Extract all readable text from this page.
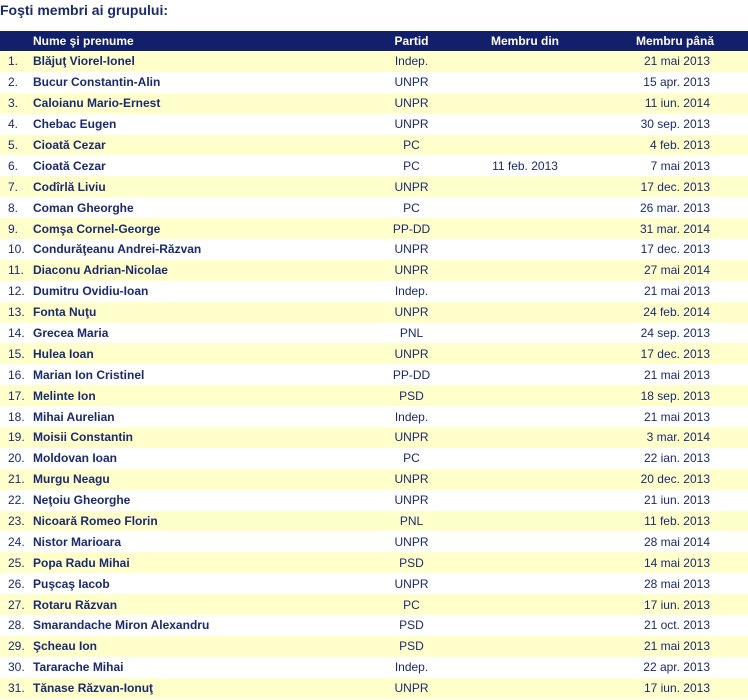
Foşti membri ai grupului:
	Nume şi prenume	Partid	Membru din	Membru până
1.	Blăjuţ Viorel-Ionel	Indep.		21 mai 2013
2.	Bucur Constantin-Alin	UNPR		15 apr. 2013
3.	Caloianu Mario-Ernest	UNPR		11 iun. 2014
4.	Chebac Eugen	UNPR		30 sep. 2013
5.	Cioată Cezar	PC		4 feb. 2013
6.	Cioată Cezar	PC	11 feb. 2013	7 mai 2013
7.	Codîrlă Liviu	UNPR		17 dec. 2013
8.	Coman Gheorghe	PC		26 mar. 2013
9.	Comşa Cornel-George	PP-DD		31 mar. 2014
10.	Condurăţeanu Andrei-Răzvan	UNPR		17 dec. 2013
11.	Diaconu Adrian-Nicolae	UNPR		27 mai 2014
12.	Dumitru Ovidiu-Ioan	Indep.		21 mai 2013
13.	Fonta Nuţu	UNPR		24 feb. 2014
14.	Grecea Maria	PNL		24 sep. 2013
15.	Hulea Ioan	UNPR		17 dec. 2013
16.	Marian Ion Cristinel	PP-DD		21 mai 2013
17.	Melinte Ion	PSD		18 sep. 2013
18.	Mihai Aurelian	Indep.		21 mai 2013
19.	Moisii Constantin	UNPR		3 mar. 2014
20.	Moldovan Ioan	PC		22 ian. 2013
21.	Murgu Neagu	UNPR		20 dec. 2013
22.	Neţoiu Gheorghe	UNPR		21 iun. 2013
23.	Nicoară Romeo Florin	PNL		11 feb. 2013
24.	Nistor Marioara	UNPR		28 mai 2014
25.	Popa Radu Mihai	PSD		14 mai 2013
26.	Puşcaş Iacob	UNPR		28 mai 2013
27.	Rotaru Răzvan	PC		17 iun. 2013
28.	Smarandache Miron Alexandru	PSD		21 oct. 2013
29.	Şcheau Ion	PSD		21 mai 2013
30.	Tararache Mihai	Indep.		22 apr. 2013
31.	Tănase Răzvan-Ionuţ	UNPR		17 iun. 2013
